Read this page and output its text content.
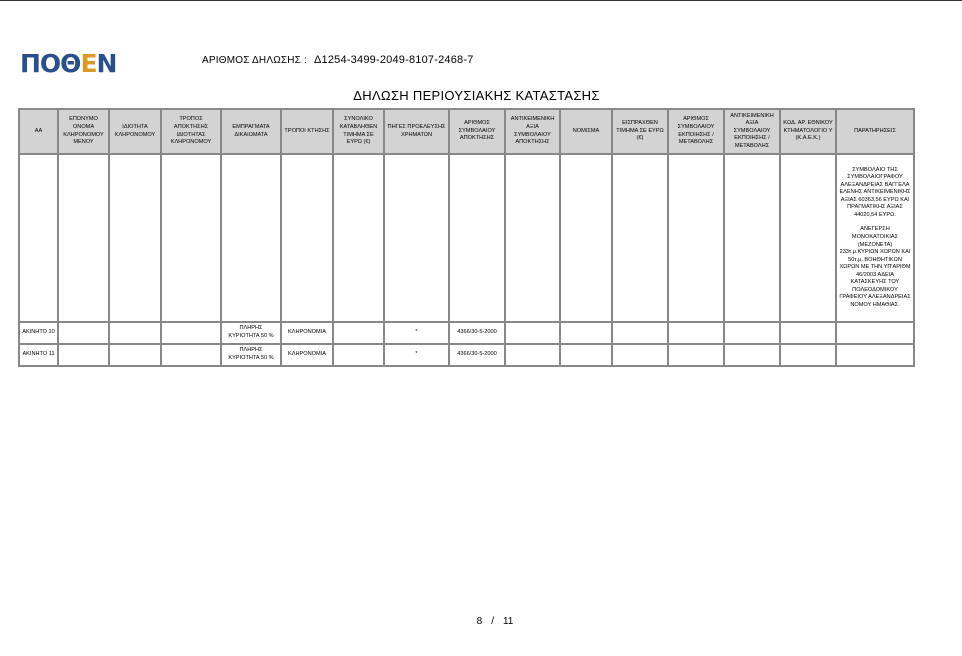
ΠΟΘ Ε Ν	ΑΡΙΘΜΟΣ ΔΗΛΩΣΗΣ : Δ1254-3499-2049-8107-2468-7
ΔΗΛΩΣΗ ΠΕΡΙΟΥΣΙΑΚΗΣ ΚΑΤΑΣΤΑΣΗΣ
ΑΑ	ΕΠΩΝΥΜΟ ΟΝΟΜΑ ΚΛΗΡΟΝΟΜΟΥ ΜΕΝΟΥ	ΙΔΙΟΤΗΤΑ ΚΛΗΡΟΝΟΜΟΥ	ΤΡΟΠΟΣ ΑΠΟΚΤΗΣΗΣ ΙΔΙΟΤΗΤΑΣ ΚΛΗΡΟΝΟΜΟΥ	ΕΜΠΡΑΓΜΑΤΑ ΔΙΚΑΙΩΜΑΤΑ	ΤΡΟΠΟΙ ΚΤΗΣΗΣ	ΣΥΝΟΛΙΚΟ ΚΑΤΑΒΛΗΘΕΝ ΤΙΜΗΜΑ ΣΕ ΕΥΡΩ (€)	ΠΗΓΕΣ ΠΡΟΕΛΕΥΣΗΣ ΧΡΗΜΑΤΩΝ	ΑΡΙΘΜΟΣ ΣΥΜΒΟΛΑΙΟΥ ΑΠΟΚΤΗΣΗΣ	ΑΝΤΙΚΕΙΜΕΝΙΚΗ ΑΞΙΑ ΣΥΜΒΟΛΑΙΟΥ ΑΠΟΚΤΗΣΗΣ	ΝΟΜΙΣΜΑ	ΕΙΣΠΡΑΧΘΕΝ ΤΙΜΗΜΑ ΣΕ ΕΥΡΩ (€)	ΑΡΙΘΜΟΣ ΣΥΜΒΟΛΑΙΟΥ ΕΚΠΟΙΗΣΗΣ /ΜΕΤΑΒΟΛΗΣ	ΑΝΤΙΚΕΙΜΕΝΙΚΗ ΑΞΙΑ ΣΥΜΒΟΛΑΙΟΥ ΕΚΠΟΙΗΣΗΣ / ΜΕΤΑΒΟΛΗΣ	ΚΩΔ. ΑΡ. ΕΘΝΙΚΟΥ ΚΤΗΜΑΤΟΛΟΓΙΟ Υ (Κ.Α.Ε.Κ.)	ΠΑΡΑΤΗΡΗΣΕΙΣ

															ΣΥΜΒΟΛΑΙΟ ΤΗΣ ΣΥΜΒΟΛΑΙΟΓΡΑΦΟΥ ΑΛΕΞΑΝΔΡΕΙΑΣ ΒΑΓΓΕΛΑ ΕΛΕΝΗΣ ΑΝΤΙΚΕΙΜΕΝΙΚΗΣ ΑΞΙΑΣ 60363,56 ΕΥΡΩ ΚΑΙ ΠΡΑΓΜΑΤΙΚΗΣ ΑΞΙΑΣ 44020,54 ΕΥΡΩ.
ΑΝΕΓΕΡΣΗ ΜΟΝΟΚΑΤΟΙΚΙΑΣ (ΜΕΖΟΝΕΤΑ) 233τ.μ.ΚΥΡΙΩΝ ΧΩΡΩΝ ΚΑΙ 50τ.μ. ΒΟΗΘΗΤΙΚΩΝ ΧΩΡΩΝ ΜΕ ΤΗΝ ΥΠ'ΑΡΙΘΜ 46/2003 ΑΔΕΙΑ ΚΑΤΑΣΚΕΥΗΣ ΤΟΥ ΠΟΛΕΟΔΟΜΙΚΟΥ ΓΡΑΦΕΙΟΥ ΑΛΕΞΑΝΔΡΕΙΑΣ ΝΟΜΟΥ ΗΜΑΘΙΑΣ.

ΑΚΙΝΗΤΟ 10				ΠΛΗΡΗΣ ΚΥΡΙΟΤΗΤΑ 50 %	ΚΛΗΡΟΝΟΜΙΑ		*	4366/30-5-2000							
ΑΚΙΝΗΤΟ 11				ΠΛΗΡΗΣ ΚΥΡΙΟΤΗΤΑ 50 %	ΚΛΗΡΟΝΟΜΙΑ		*	4366/30-5-2000							
8 / 11
